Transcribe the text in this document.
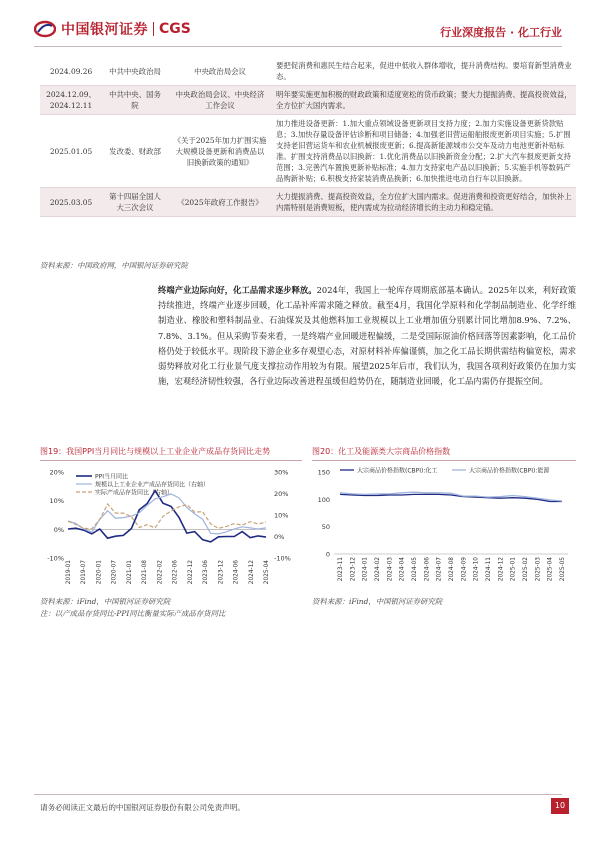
中国银河证券 CGS	行业深度报告 · 化工行业
2024.09.26	中共中央政治局	中央政治局会议	要把促消费和惠民生结合起来，促进中低收入群体增收，提升消费结构。要培育新型消费业态。
2024.12.09、2024.12.11	中共中央、国务院	中央政治局会议、中央经济工作会议	明年要实施更加积极的财政政策和适度宽松的货币政策；要大力提振消费、提高投资效益，全方位扩大国内需求。
2025.01.05	发改委、财政部	《关于2025年加力扩围实施大规模设备更新和消费品以旧换新政策的通知》	加力推进设备更新：1.加大重点领域设备更新项目支持力度；2.加力实施设备更新贷款贴息；3.加快存量设备评估诊断和项目储备；4.加强老旧营运船舶报废更新项目实施；5.扩围支持老旧营运货车和农业机械报废更新；6.提高新能源城市公交车及动力电池更新补贴标准。扩围支持消费品以旧换新：1.优化消费品以旧换新资金分配；2.扩大汽车报废更新支持范围；3.完善汽车置换更新补贴标准；4.加力支持家电产品以旧换新；5.实施手机等数码产品购新补贴；6.积极支持家装消费品换新；6.加快推进电动自行车以旧换新。
2025.03.05	第十四届全国人大三次会议	《2025年政府工作报告》	大力提振消费、提高投资效益，全方位扩大国内需求。促进消费和投资更好结合，加快补上内需特别是消费短板，使内需成为拉动经济增长的主动力和稳定锚。
资料来源：中国政府网，中国银河证券研究院
终端产业边际向好，化工品需求逐步释放。2024年，我国上一轮库存周期底部基本确认。2025年以来，利好政策持续推进，终端产业逐步回暖，化工品补库需求随之释放。截至4月，我国化学原料和化学制品制造业、化学纤维制造业、橡胶和塑料制品业、石油煤炭及其他燃料加工业规模以上工业增加值分别累计同比增加8.9%、7.2%、7.8%、3.1%。但从采购节奏来看，一是终端产业回暖进程偏缓，二是受国际原油价格回落等因素影响，化工品价格仍处于较低水平。现阶段下游企业多存观望心态，对原材料补库偏谨慎，加之化工品长期供需结构偏宽松，需求弱势释放对化工行业景气度支撑拉动作用较为有限。展望2025年后市，我们认为，我国各项利好政策仍在加力实施，宏观经济韧性较强，各行业边际改善进程虽缓但趋势仍在，随制造业回暖，化工品内需仍存提振空间。
图19：我国PPI当月同比与规模以上工业企业产成品存货同比走势	图20：化工及能源类大宗商品价格指数
20%
10%
0%
-10%
30%
20%
10%
0%
-10%
2019-01 2019-07 2020-01 2020-07 2021-01 2021-08 2022-02 2022-06 2022-12 2023-06 2023-12 2024-06 2024-12 2025-04
PPI当月同比
规模以上工业企业产成品存货同比（右轴）
实际产成品存货同比（右轴）
150
100
50
0
2023-11 2023-12 2024-01 2024-02 2024-03 2024-04 2024-05 2024-06 2024-07 2024-08 2024-09 2024-10 2024-11 2024-12 2025-01 2025-02 2025-03 2025-04 2025-05
大宗商品价格指数(CBPI):化工	大宗商品价格指数(CBPI):能源
资料来源：iFind，中国银河证券研究院
注：以产成品存货同比-PPI同比衡量实际产成品存货同比
资料来源：iFind，中国银河证券研究院
请务必阅读正文最后的中国银河证券股份有限公司免责声明。	10
